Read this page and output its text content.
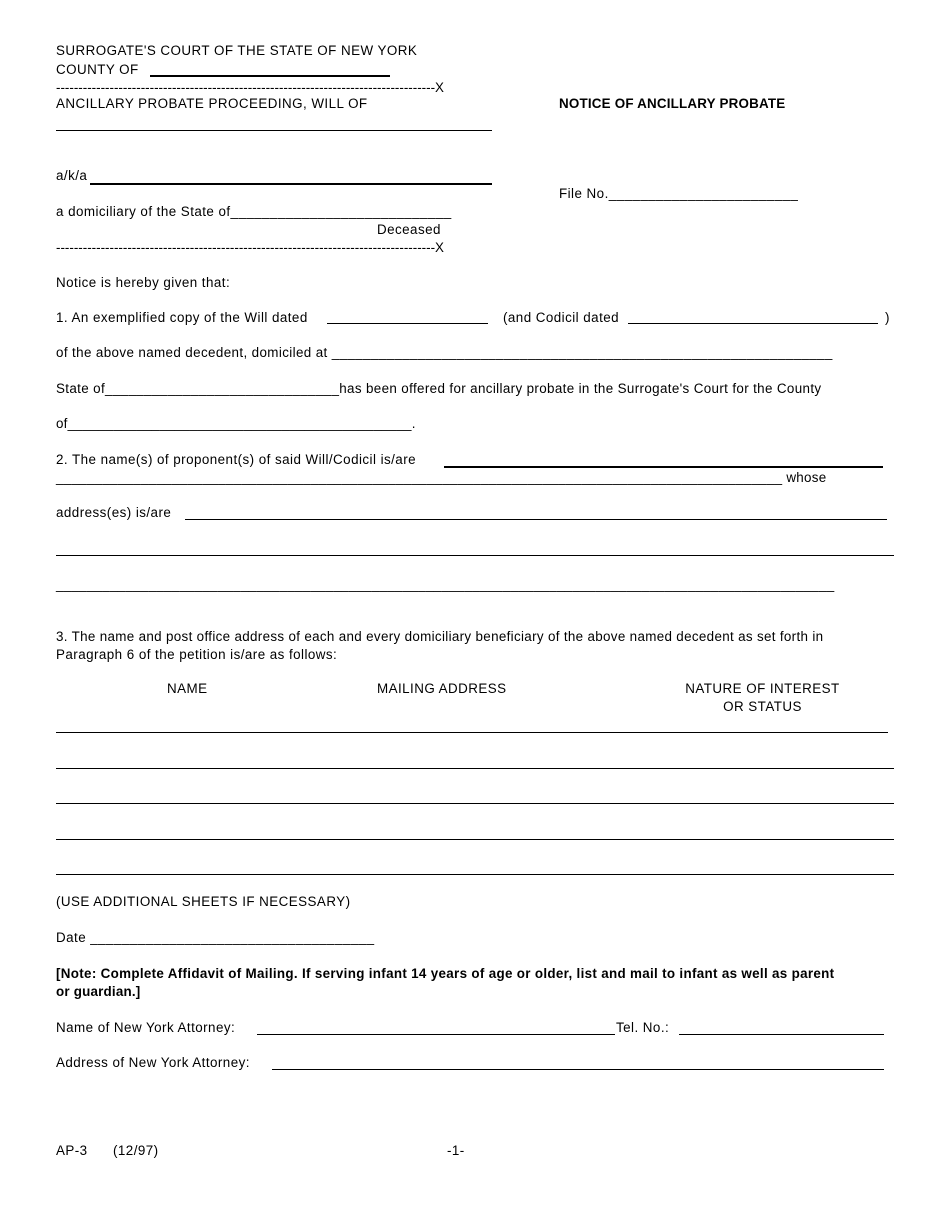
SURROGATE'S COURT OF THE STATE OF NEW YORK
COUNTY OF
-------------------------------------------------------------------------------------X
ANCILLARY PROBATE PROCEEDING, WILL OF	NOTICE OF ANCILLARY PROBATE
a/k/a
File No.________________________
a domiciliary of the State of____________________________
Deceased
-------------------------------------------------------------------------------------X
Notice is hereby given that:
1. An exemplified copy of the Will dated	(and Codicil dated	)
of the above named decedent, domiciled at ________________________________________________________________
State of______________________________has been offered for ancillary probate in the Surrogate's Court for the County
of_____________________________________________.
2. The name(s) of proponent(s) of said Will/Codicil is/are
______________________________________________________________________________________________ whose
address(es) is/are
_____________________________________________________________________________________________________
3. The name and post office address of each and every domiciliary beneficiary of the above named decedent as set forth in
Paragraph 6 of the petition is/are as follows:
NAME	MAILING ADDRESS	NATURE OF INTEREST
OR STATUS
(USE ADDITIONAL SHEETS IF NECESSARY)
Date ____________________________________
[Note: Complete Affidavit of Mailing. If serving infant 14 years of age or older, list and mail to infant as well as parent
or guardian.]
Name of New York Attorney:	Tel. No.:
Address of New York Attorney:
AP-3 (12/97)	-1-
